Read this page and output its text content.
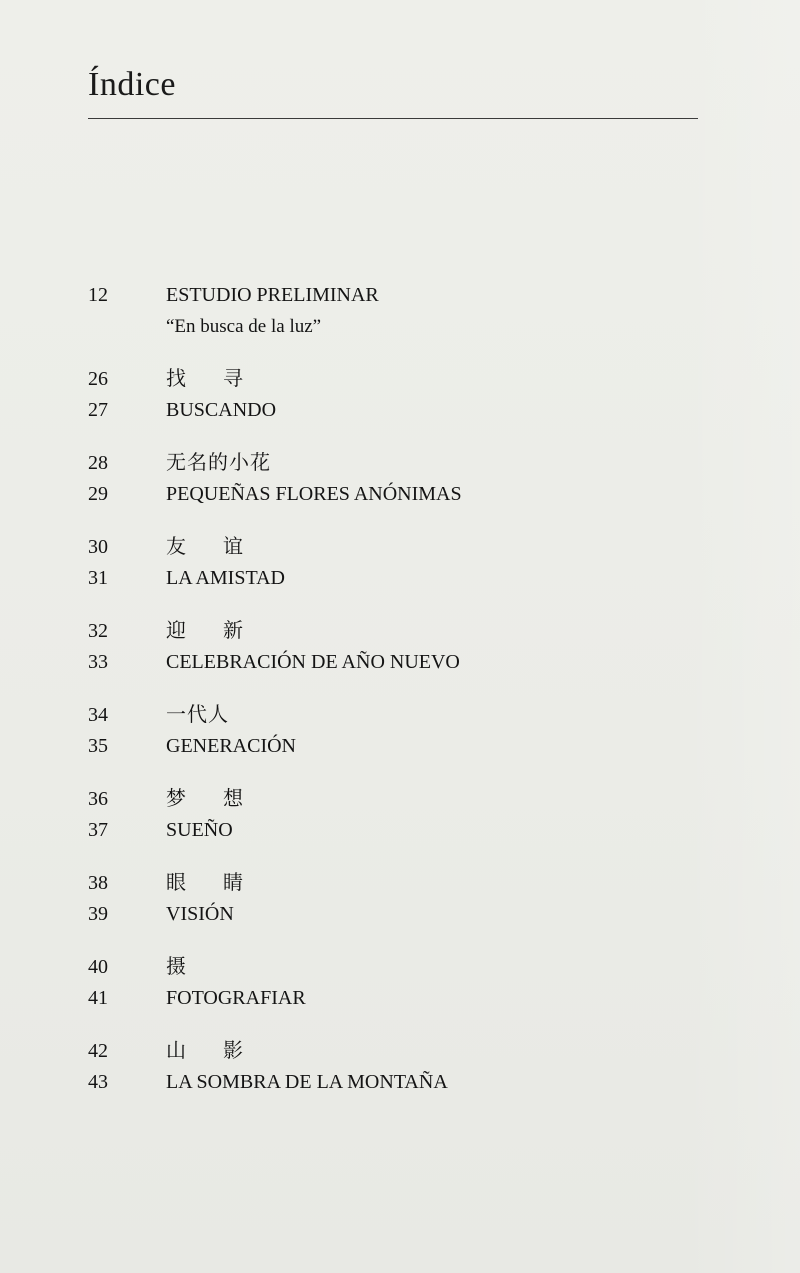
Índice
12	ESTUDIO PRELIMINAR
“En busca de la luz”
26	找 寻
27	BUSCANDO
28	无名的小花
29	PEQUEÑAS FLORES ANÓNIMAS
30	友 谊
31	LA AMISTAD
32	迎 新
33	CELEBRACIÓN DE AÑO NUEVO
34	一代人
35	GENERACIÓN
36	梦 想
37	SUEÑO
38	眼 睛
39	VISIÓN
40	摄
41	FOTOGRAFIAR
42	山 影
43	LA SOMBRA DE LA MONTAÑA
